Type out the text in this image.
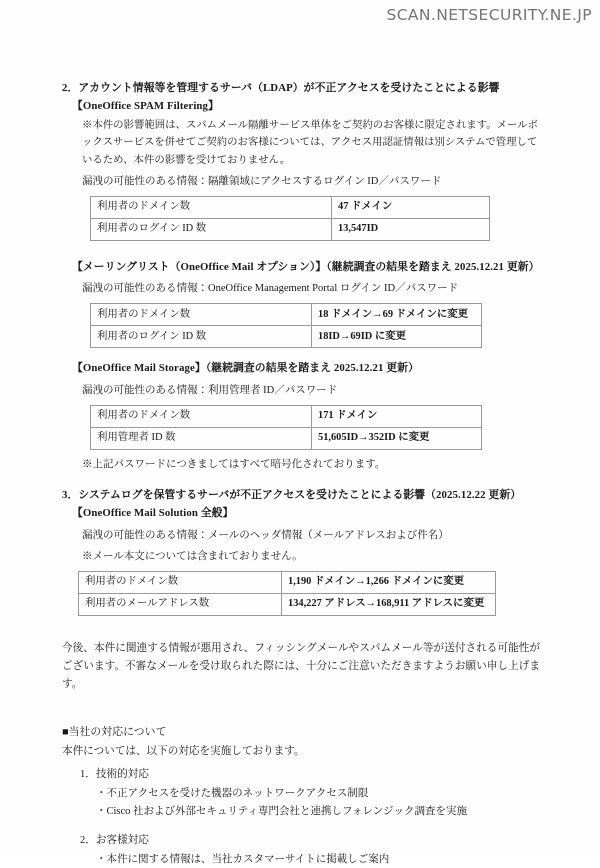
SCAN.NETSECURITY.NE.JP

2．アカウント情報等を管理するサーバ（LDAP）が不正アクセスを受けたことによる影響

【OneOffice SPAM Filtering】

※本件の影響範囲は、スパムメール隔離サービス単体をご契約のお客様に限定されます。メールボックスサービスを併せてご契約のお客様については、アクセス用認証情報は別システムで管理しているため、本件の影響を受けておりません。

漏洩の可能性のある情報：隔離領域にアクセスするログイン ID／パスワード

利用者のドメイン数	47 ドメイン
利用者のログイン ID 数	13,547ID

【メーリングリスト（OneOffice Mail オプション）】（継続調査の結果を踏まえ 2025.12.21 更新）

漏洩の可能性のある情報：OneOffice Management Portal ログイン ID／パスワード

利用者のドメイン数	18 ドメイン→69 ドメインに変更
利用者のログイン ID 数	18ID→69ID に変更

【OneOffice Mail Storage】（継続調査の結果を踏まえ 2025.12.21 更新）

漏洩の可能性のある情報：利用管理者 ID／パスワード

利用者のドメイン数	171 ドメイン
利用管理者 ID 数	51,605ID→352ID に変更

※上記パスワードにつきましてはすべて暗号化されております。

3．システムログを保管するサーバが不正アクセスを受けたことによる影響（2025.12.22 更新）

【OneOffice Mail Solution 全般】

漏洩の可能性のある情報：メールのヘッダ情報（メールアドレスおよび件名）

※メール本文については含まれておりません。

利用者のドメイン数	1,190 ドメイン→1,266 ドメインに変更
利用者のメールアドレス数	134,227 アドレス→168,911 アドレスに変更

今後、本件に関連する情報が悪用され、フィッシングメールやスパムメール等が送付される可能性がございます。不審なメールを受け取られた際には、十分にご注意いただきますようお願い申し上げます。

■当社の対応について

本件については、以下の対応を実施しております。

1．技術的対応

・不正アクセスを受けた機器のネットワークアクセス制限

・Cisco 社および外部セキュリティ専門会社と連携しフォレンジック調査を実施

2．お客様対応

・本件に関する情報は、当社カスタマーサイトに掲載しご案内
